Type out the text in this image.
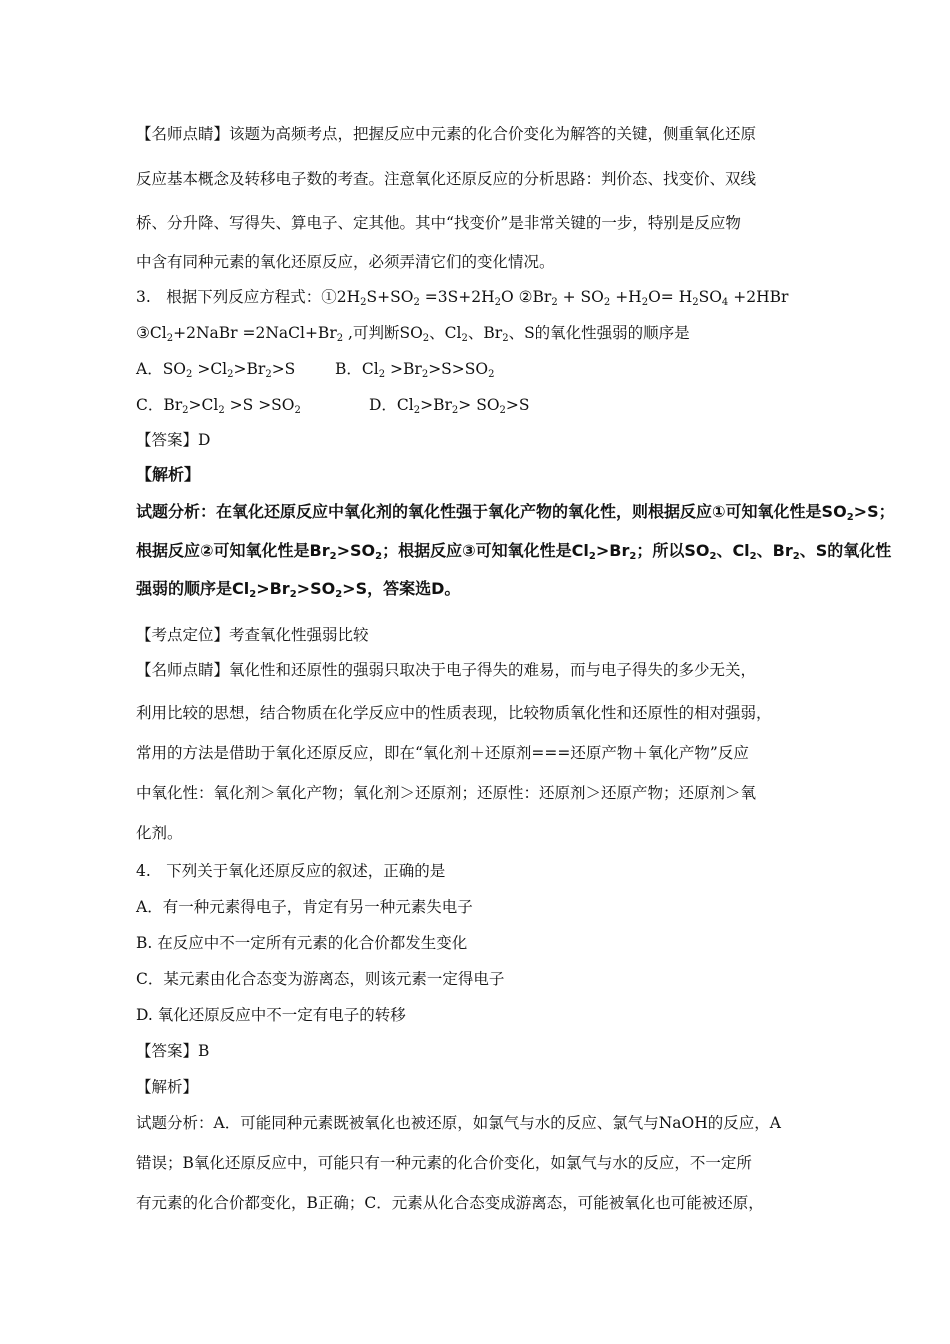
【名师点睛】该题为高频考点，把握反应中元素的化合价变化为解答的关键，侧重氧化还原
反应基本概念及转移电子数的考查。注意氧化还原反应的分析思路：判价态、找变价、双线
桥、分升降、写得失、算电子、定其他。其中“找变价”是非常关键的一步，特别是反应物
中含有同种元素的氧化还原反应，必须弄清它们的变化情况。
3.　根据下列反应方程式：$①2H_2S+SO_2 =3S+2H_2O$ $②Br_2 + SO_2 +H_2O= H_2SO_4 +2HBr$
$③Cl_2+2NaBr$ $=2NaCl+Br_2$ ,可判断$SO_2$、$Cl_2$、$Br_2$、S的氧化性强弱的顺序是
A．$SO_2 >Cl_2>Br_2>S$	B．$Cl_2 >Br_2>S>SO_2$
C．$Br_2>Cl_2 >S >SO_2$	D．$Cl_2>Br_2> SO_2>S$
【答案】D
【解析】
试题分析：在氧化还原反应中氧化剂的氧化性强于氧化产物的氧化性，则根据反应①可知氧化性是$SO_2>S$；
根据反应②可知氧化性是$Br_2>SO_2$；根据反应③可知氧化性是$Cl_2>Br_2$；所以$SO_2$、$Cl_2$、$Br_2$、S的氧化性
强弱的顺序是$Cl_2>Br_2>SO_2>S$，答案选D。
【考点定位】考查氧化性强弱比较
【名师点睛】氧化性和还原性的强弱只取决于电子得失的难易，而与电子得失的多少无关，
利用比较的思想，结合物质在化学反应中的性质表现，比较物质氧化性和还原性的相对强弱，
常用的方法是借助于氧化还原反应，即在“氧化剂＋还原剂===还原产物＋氧化产物”反应
中氧化性：氧化剂＞氧化产物；氧化剂＞还原剂；还原性：还原剂＞还原产物；还原剂＞氧
化剂。
4.　下列关于氧化还原反应的叙述，正确的是
A．有一种元素得电子，肯定有另一种元素失电子
B. 在反应中不一定所有元素的化合价都发生变化
C．某元素由化合态变为游离态，则该元素一定得电子
D. 氧化还原反应中不一定有电子的转移
【答案】B
【解析】
试题分析：A．可能同种元素既被氧化也被还原，如氯气与水的反应、氯气与NaOH的反应，A
错误；B氧化还原反应中，可能只有一种元素的化合价变化，如氯气与水的反应，不一定所
有元素的化合价都变化，B正确；C．元素从化合态变成游离态，可能被氧化也可能被还原，
